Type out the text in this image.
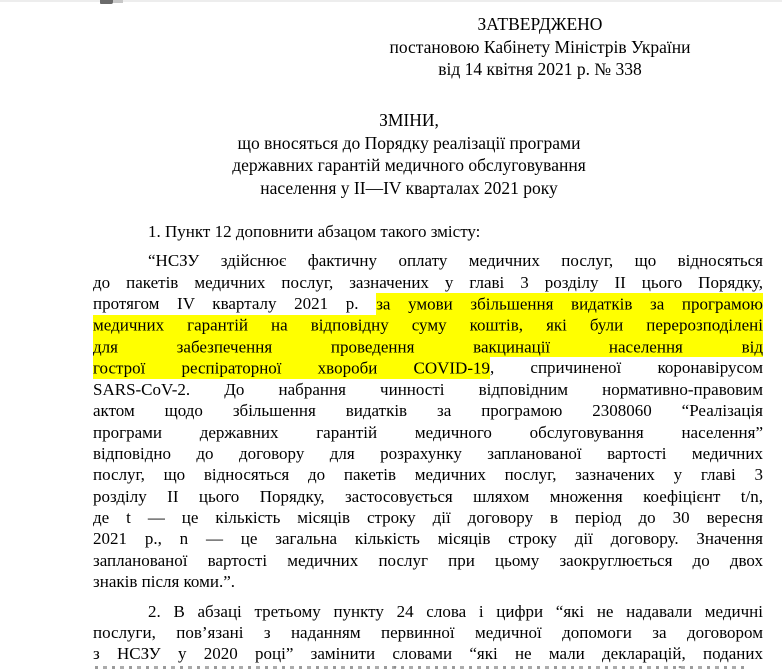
ЗАТВЕРДЖЕНО
постановою Кабінету Міністрів України
від 14 квітня 2021 р. № 338
ЗМІНИ,
що вносяться до Порядку реалізації програми
державних гарантій медичного обслуговування
населення у II—IV кварталах 2021 року
1. Пункт 12 доповнити абзацом такого змісту:
“НСЗУ здійснює фактичну оплату медичних послуг, що відносяться
до пакетів медичних послуг, зазначених у главі 3 розділу II цього Порядку,
протягом IV кварталу 2021 р. за умови збільшення видатків за програмою
медичних гарантій на відповідну суму коштів, які були перерозподілені
для забезпечення проведення вакцинації населення від
гострої респіраторної хвороби COVID-19, спричиненої коронавірусом
SARS-CoV-2. До набрання чинності відповідним нормативно-правовим
актом щодо збільшення видатків за програмою 2308060 “Реалізація
програми державних гарантій медичного обслуговування населення”
відповідно до договору для розрахунку запланованої вартості медичних
послуг, що відносяться до пакетів медичних послуг, зазначених у главі 3
розділу II цього Порядку, застосовується шляхом множення коефіцієнт t/n,
де t — це кількість місяців строку дії договору в період до 30 вересня
2021 р., n — це загальна кількість місяців строку дії договору. Значення
запланованої вартості медичних послуг при цьому заокруглюється до двох
знаків після коми.”.
2. В абзаці третьому пункту 24 слова і цифри “які не надавали медичні
послуги, пов’язані з наданням первинної медичної допомоги за договором
з НСЗУ у 2020 році” замінити словами “які не мали декларацій, поданих
